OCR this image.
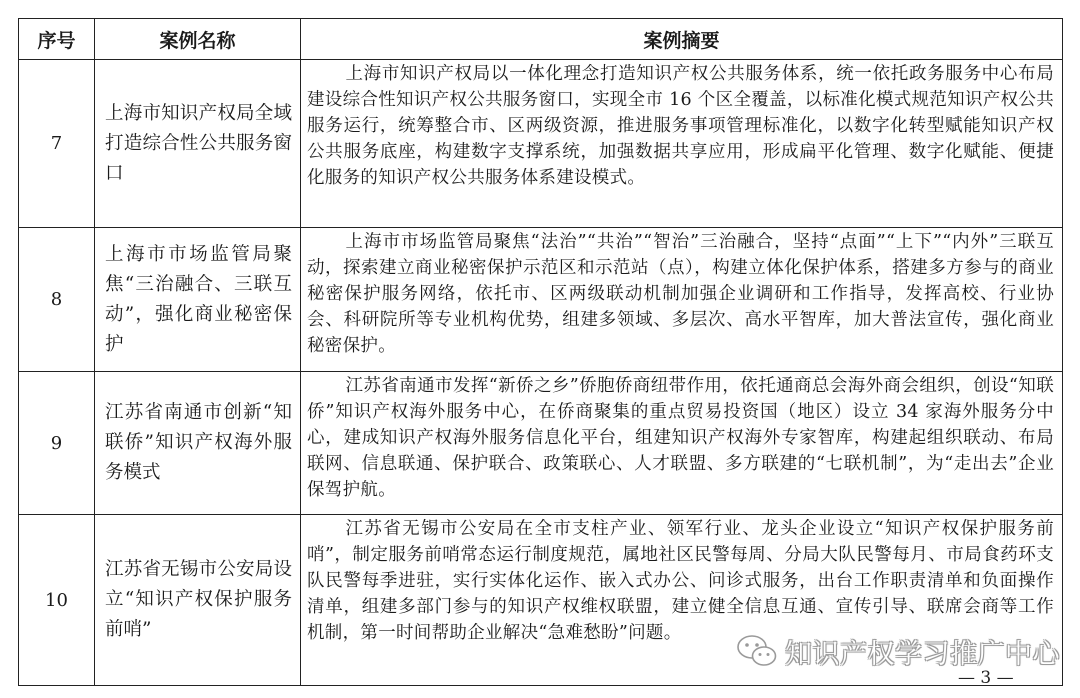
序号	案例名称	案例摘要
7	上海市知识产权局全域打造综合性公共服务窗口	上海市知识产权局以一体化理念打造知识产权公共服务体系，统一依托政务服务中心布局建设综合性知识产权公共服务窗口，实现全市 16 个区全覆盖，以标准化模式规范知识产权公共服务运行，统筹整合市、区两级资源，推进服务事项管理标准化，以数字化转型赋能知识产权公共服务底座，构建数字支撑系统，加强数据共享应用，形成扁平化管理、数字化赋能、便捷化服务的知识产权公共服务体系建设模式。

8	上海市市场监管局聚焦“三治融合、三联互动”，强化商业秘密保护	上海市市场监管局聚焦“法治”“共治”“智治”三治融合，坚持“点面”“上下”“内外”三联互动，探索建立商业秘密保护示范区和示范站（点），构建立体化保护体系，搭建多方参与的商业秘密保护服务网络，依托市、区两级联动机制加强企业调研和工作指导，发挥高校、行业协会、科研院所等专业机构优势，组建多领域、多层次、高水平智库，加大普法宣传，强化商业秘密保护。

9	江苏省南通市创新“知联侨”知识产权海外服务模式	江苏省南通市发挥“新侨之乡”侨胞侨商纽带作用，依托通商总会海外商会组织，创设“知联侨”知识产权海外服务中心，在侨商聚集的重点贸易投资国（地区）设立 34 家海外服务分中心，建成知识产权海外服务信息化平台，组建知识产权海外专家智库，构建起组织联动、布局联网、信息联通、保护联合、政策联心、人才联盟、多方联建的“七联机制”，为“走出去”企业保驾护航。

10	江苏省无锡市公安局设立“知识产权保护服务前哨”	江苏省无锡市公安局在全市支柱产业、领军行业、龙头企业设立“知识产权保护服务前哨”，制定服务前哨常态运行制度规范，属地社区民警每周、分局大队民警每月、市局食药环支队民警每季进驻，实行实体化运作、嵌入式办公、问诊式服务，出台工作职责清单和负面操作清单，组建多部门参与的知识产权维权联盟，建立健全信息互通、宣传引导、联席会商等工作机制，第一时间帮助企业解决“急难愁盼”问题。

知识产权学习推广中心
— 3 —
